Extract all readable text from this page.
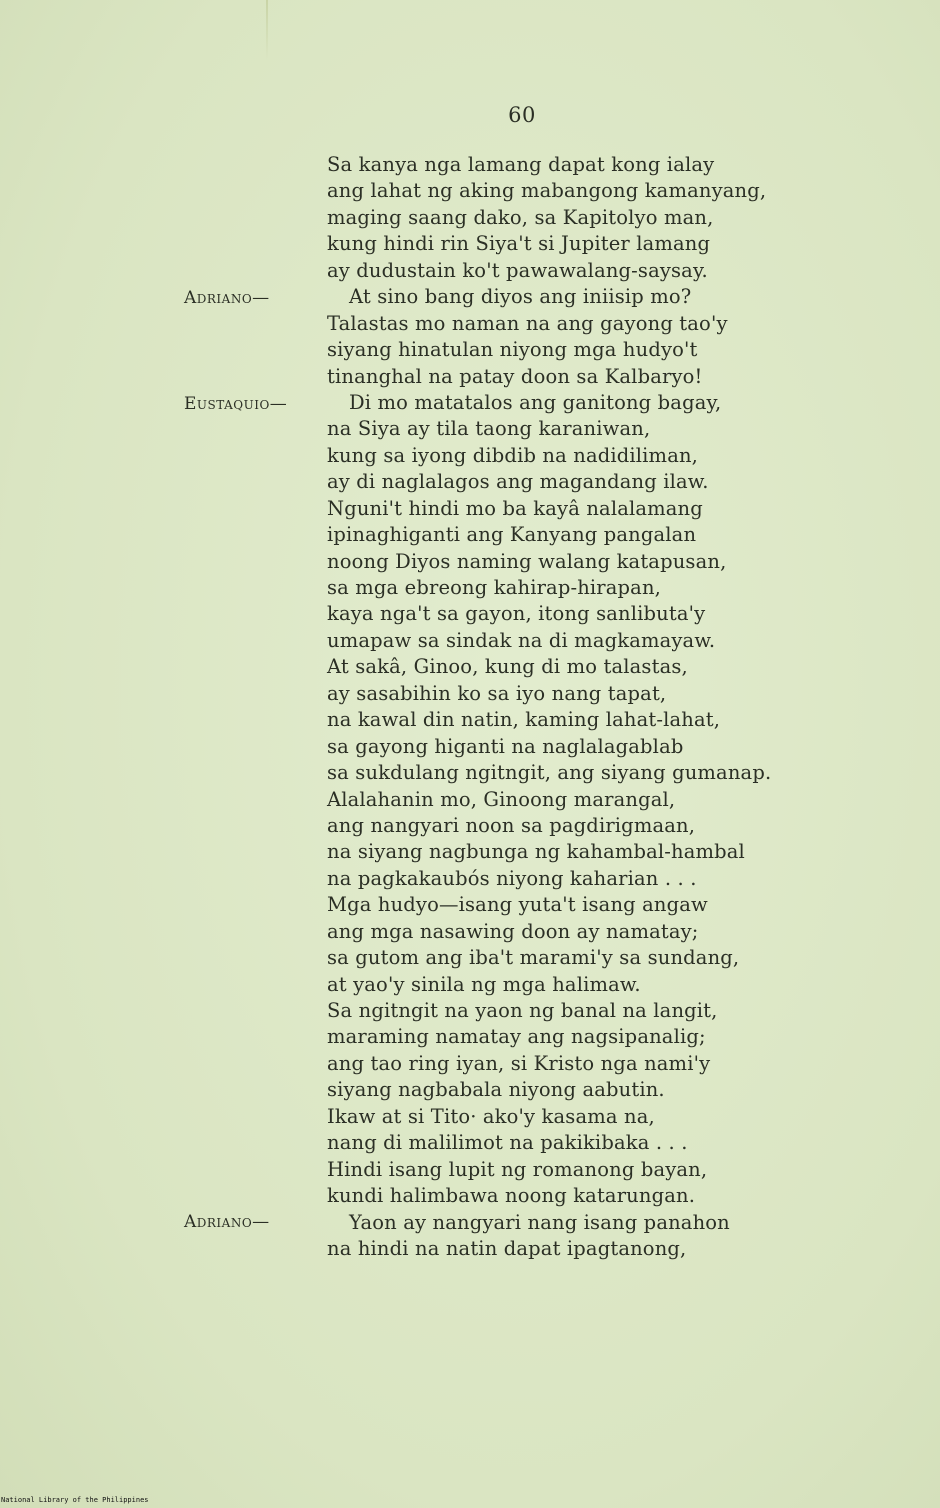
60
Sa kanya nga lamang dapat kong ialay
ang lahat ng aking mabangong kamanyang,
maging saang dako, sa Kapitolyo man,
kung hindi rin Siya't si Jupiter lamang
ay dudustain ko't pawawalang-saysay.
At sino bang diyos ang iniisip mo?
Talastas mo naman na ang gayong tao'y
siyang hinatulan niyong mga hudyo't
tinanghal na patay doon sa Kalbaryo!
Di mo matatalos ang ganitong bagay,
na Siya ay tila taong karaniwan,
kung sa iyong dibdib na nadidiliman,
ay di naglalagos ang magandang ilaw.
Nguni't hindi mo ba kayâ nalalamang
ipinaghiganti ang Kanyang pangalan
noong Diyos naming walang katapusan,
sa mga ebreong kahirap-hirapan,
kaya nga't sa gayon, itong sanlibuta'y
umapaw sa sindak na di magkamayaw.
At sakâ, Ginoo, kung di mo talastas,
ay sasabihin ko sa iyo nang tapat,
na kawal din natin, kaming lahat-lahat,
sa gayong higanti na naglalagablab
sa sukdulang ngitngit, ang siyang gumanap.
Alalahanin mo, Ginoong marangal,
ang nangyari noon sa pagdirigmaan,
na siyang nagbunga ng kahambal-hambal
na pagkakaubós niyong kaharian . . .
Mga hudyo—isang yuta't isang angaw
ang mga nasawing doon ay namatay;
sa gutom ang iba't marami'y sa sundang,
at yao'y sinila ng mga halimaw.
Sa ngitngit na yaon ng banal na langit,
maraming namatay ang nagsipanalig;
ang tao ring iyan, si Kristo nga nami'y
siyang nagbabala niyong aabutin.
Ikaw at si Tito· ako'y kasama na,
nang di malilimot na pakikibaka . . .
Hindi isang lupit ng romanong bayan,
kundi halimbawa noong katarungan.
Yaon ay nangyari nang isang panahon
na hindi na natin dapat ipagtanong,
Adriano—
Eustaquio—
Adriano—
National Library of the Philippines
